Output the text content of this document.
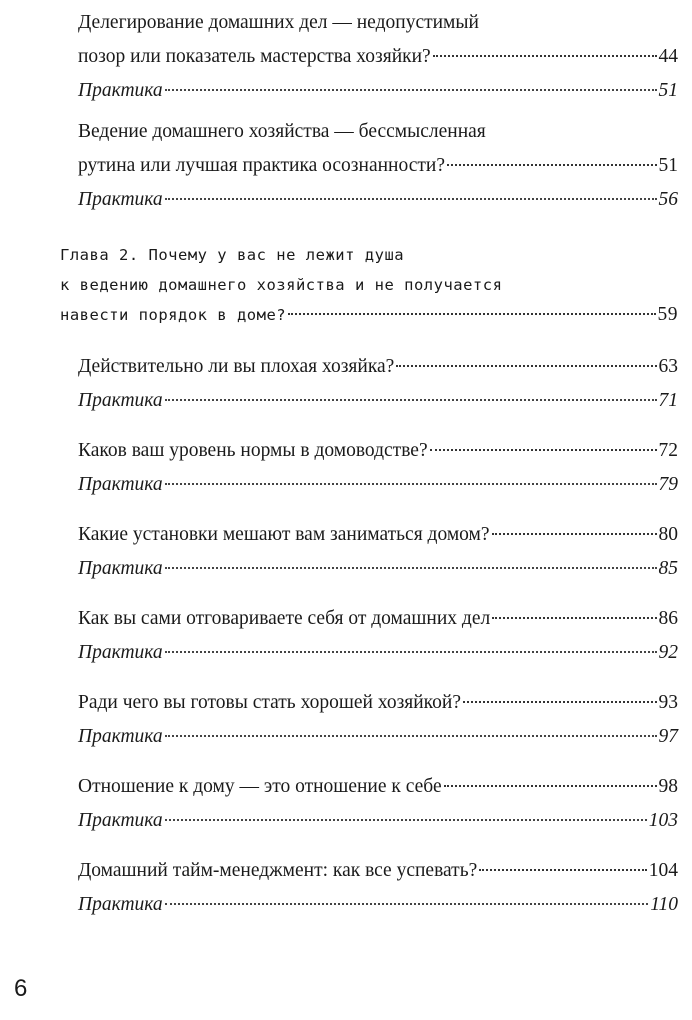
Делегирование домашних дел — недопустимый
позор или показатель мастерства хозяйки?	44
Практика	51
Ведение домашнего хозяйства — бессмысленная
рутина или лучшая практика осознанности?	51
Практика	56
Глава 2. Почему у вас не лежит душа
к ведению домашнего хозяйства и не получается
навести порядок в доме?	59
Действительно ли вы плохая хозяйка?	63
Практика	71
Каков ваш уровень нормы в домоводстве?	72
Практика	79
Какие установки мешают вам заниматься домом?	80
Практика	85
Как вы сами отговариваете себя от домашних дел	86
Практика	92
Ради чего вы готовы стать хорошей хозяйкой?	93
Практика	97
Отношение к дому — это отношение к себе	98
Практика	103
Домашний тайм-менеджмент: как все успевать?	104
Практика	110
6
